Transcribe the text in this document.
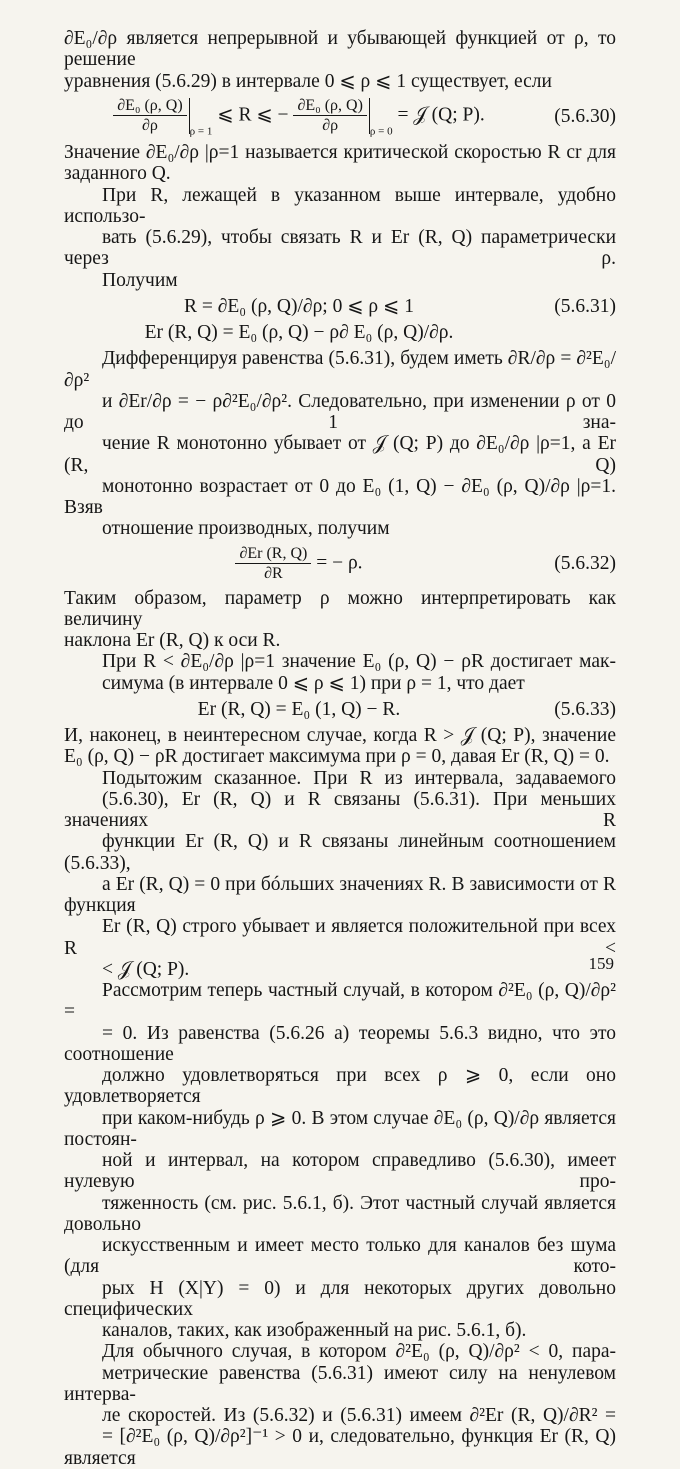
∂E₀/∂ρ является непрерывной и убывающей функцией от ρ, то решение
уравнения (5.6.29) в интервале 0 ⩽ ρ ⩽ 1 существует, если

$\frac{\text{∂E₀ (ρ, Q)}}{\partial\rho} _{\rho = 1}$ ⩽ R ⩽ − $\frac{\text{∂E₀ (ρ, Q)}}{\partial\rho} _{\rho = 0}$ = 𝒥 (Q; P).	(5.6.30)

Значение ∂E₀/∂ρ |ρ=1 называется критической скоростью R cr для
заданного Q.

При R, лежащей в указанном выше интервале, удобно использо-
вать (5.6.29), чтобы связать R и Er (R, Q) параметрически через ρ.
Получим

R = ∂E₀ (ρ, Q)/∂ρ; 0 ⩽ ρ ⩽ 1	(5.6.31)
Er (R, Q) = E₀ (ρ, Q) − ρ∂ E₀ (ρ, Q)/∂ρ.

Дифференцируя равенства (5.6.31), будем иметь ∂R/∂ρ = ∂²E₀/∂ρ²
и ∂Er/∂ρ = − ρ∂²E₀/∂ρ². Следовательно, при изменении ρ от 0 до 1 зна-
чение R монотонно убывает от 𝒥 (Q; P) до ∂E₀/∂ρ |ρ=1, а Er (R, Q)
монотонно возрастает от 0 до E₀ (1, Q) − ∂E₀ (ρ, Q)/∂ρ |ρ=1. Взяв
отношение производных, получим

$\frac{\partial Er (R, Q)}{\partial R}$ = − ρ.	(5.6.32)

Таким образом, параметр ρ можно интерпретировать как величину
наклона Er (R, Q) к оси R.

При R < ∂E₀/∂ρ |ρ=1 значение E₀ (ρ, Q) − ρR достигает мак-
симума (в интервале 0 ⩽ ρ ⩽ 1) при ρ = 1, что дает

Er (R, Q) = E₀ (1, Q) − R.	(5.6.33)

И, наконец, в неинтересном случае, когда R > 𝒥 (Q; P), значение
E₀ (ρ, Q) − ρR достигает максимума при ρ = 0, давая Er (R, Q) = 0.

Подытожим сказанное. При R из интервала, задаваемого
(5.6.30), Er (R, Q) и R связаны (5.6.31). При меньших значениях R
функции Er (R, Q) и R связаны линейным соотношением (5.6.33),
а Er (R, Q) = 0 при бóльших значениях R. В зависимости от R функция
Er (R, Q) строго убывает и является положительной при всех R <
< 𝒥 (Q; P).

Рассмотрим теперь частный случай, в котором ∂²E₀ (ρ, Q)/∂ρ² =
= 0. Из равенства (5.6.26 а) теоремы 5.6.3 видно, что это соотношение
должно удовлетворяться при всех ρ ⩾ 0, если оно удовлетворяется
при каком-нибудь ρ ⩾ 0. В этом случае ∂E₀ (ρ, Q)/∂ρ является постоян-
ной и интервал, на котором справедливо (5.6.30), имеет нулевую про-
тяженность (см. рис. 5.6.1, б). Этот частный случай является довольно
искусственным и имеет место только для каналов без шума (для кото-
рых H (X|Y) = 0) и для некоторых других довольно специфических
каналов, таких, как изображенный на рис. 5.6.1, б).

Для обычного случая, в котором ∂²E₀ (ρ, Q)/∂ρ² < 0, пара-
метрические равенства (5.6.31) имеют силу на ненулевом интерва-
ле скоростей. Из (5.6.32) и (5.6.31) имеем ∂²Er (R, Q)/∂R² =
= [∂²E₀ (ρ, Q)/∂ρ²]⁻¹ > 0 и, следовательно, функция Er (R, Q) является

159
